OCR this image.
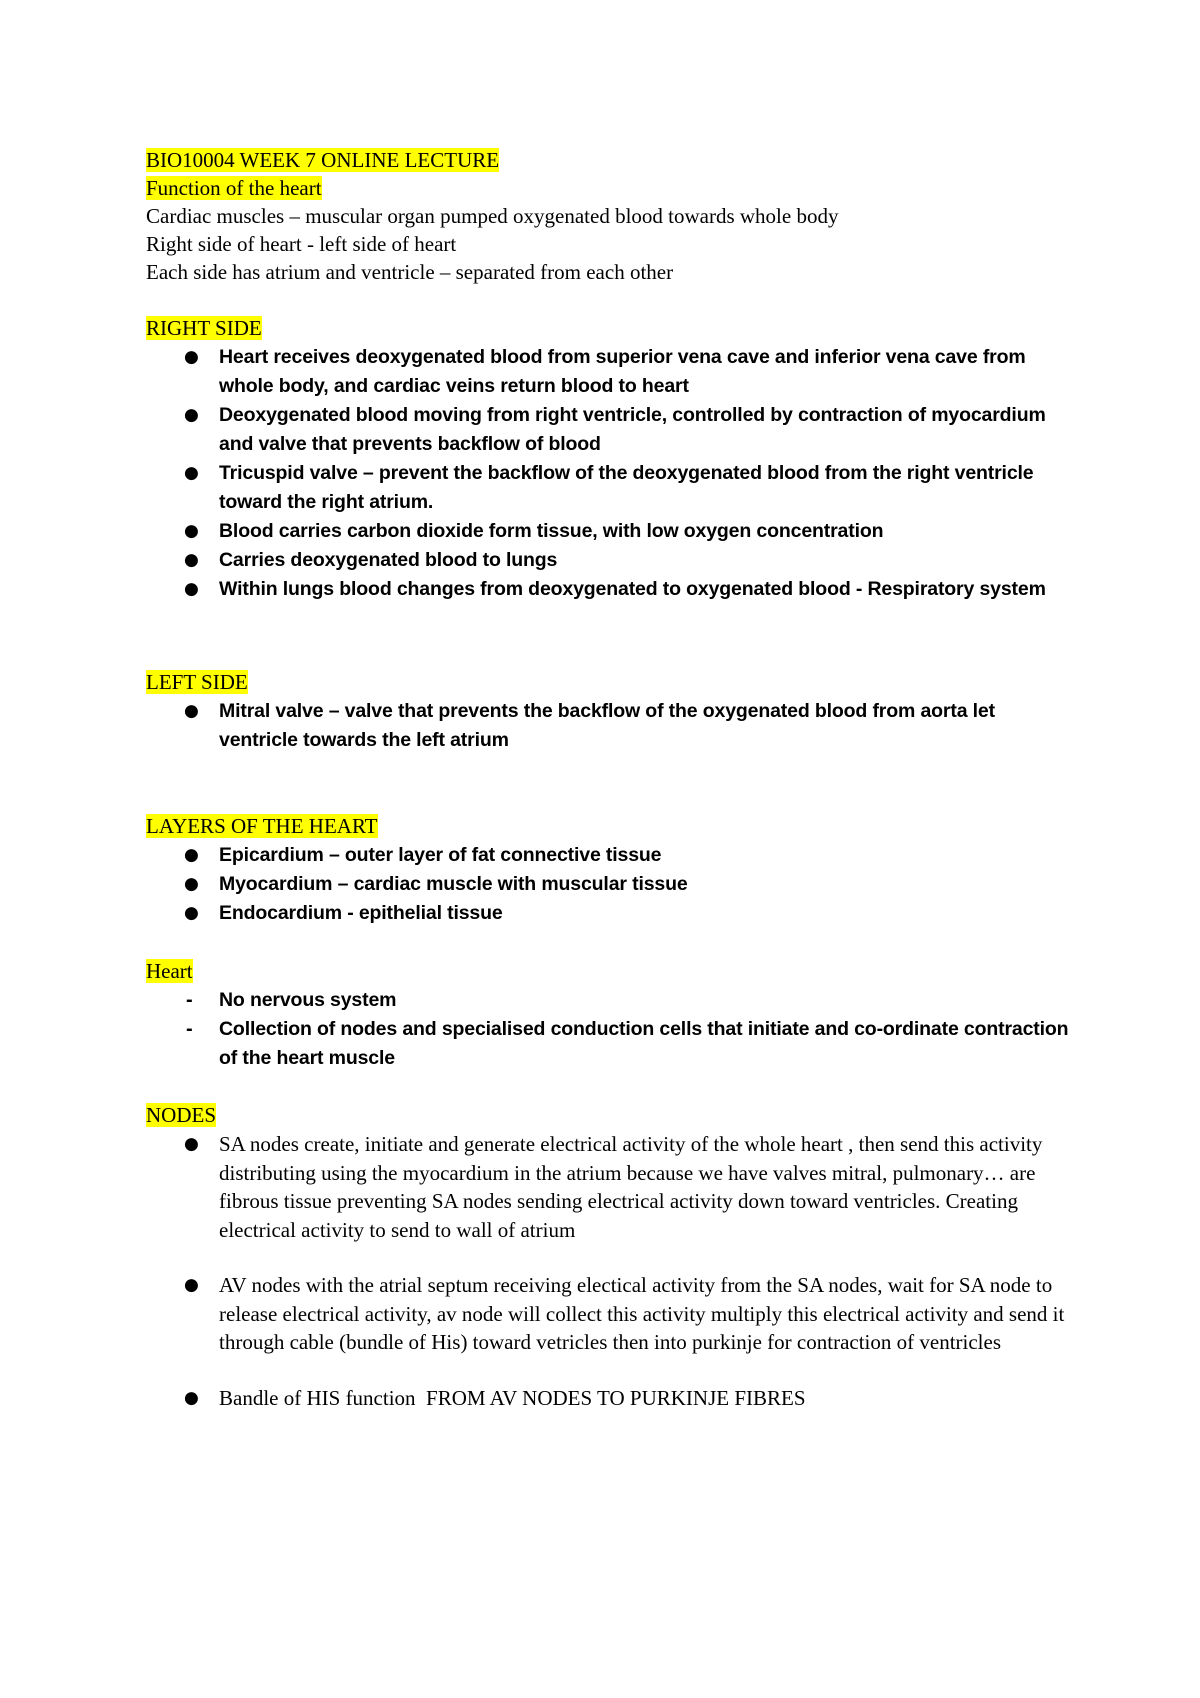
BIO10004 WEEK 7 ONLINE LECTURE
Function of the heart
Cardiac muscles – muscular organ pumped oxygenated blood towards whole body
Right side of heart - left side of heart
Each side has atrium and ventricle – separated from each other
RIGHT SIDE
● Heart receives deoxygenated blood from superior vena cave and inferior vena cave from whole body, and cardiac veins return blood to heart
● Deoxygenated blood moving from right ventricle, controlled by contraction of myocardium and valve that prevents backflow of blood
● Tricuspid valve – prevent the backflow of the deoxygenated blood from the right ventricle toward the right atrium.
● Blood carries carbon dioxide form tissue, with low oxygen concentration
● Carries deoxygenated blood to lungs
● Within lungs blood changes from deoxygenated to oxygenated blood - Respiratory system
LEFT SIDE
● Mitral valve – valve that prevents the backflow of the oxygenated blood from aorta let ventricle towards the left atrium
LAYERS OF THE HEART
● Epicardium – outer layer of fat connective tissue
● Myocardium – cardiac muscle with muscular tissue
● Endocardium - epithelial tissue
Heart
- No nervous system
- Collection of nodes and specialised conduction cells that initiate and co-ordinate contraction of the heart muscle
NODES
● SA nodes create, initiate and generate electrical activity of the whole heart , then send this activity distributing using the myocardium in the atrium because we have valves mitral, pulmonary… are fibrous tissue preventing SA nodes sending electrical activity down toward ventricles. Creating electrical activity to send to wall of atrium
● AV nodes with the atrial septum receiving electical activity from the SA nodes, wait for SA node to release electrical activity, av node will collect this activity multiply this electrical activity and send it through cable (bundle of His) toward vetricles then into purkinje for contraction of ventricles
● Bandle of HIS function  FROM AV NODES TO PURKINJE FIBRES
